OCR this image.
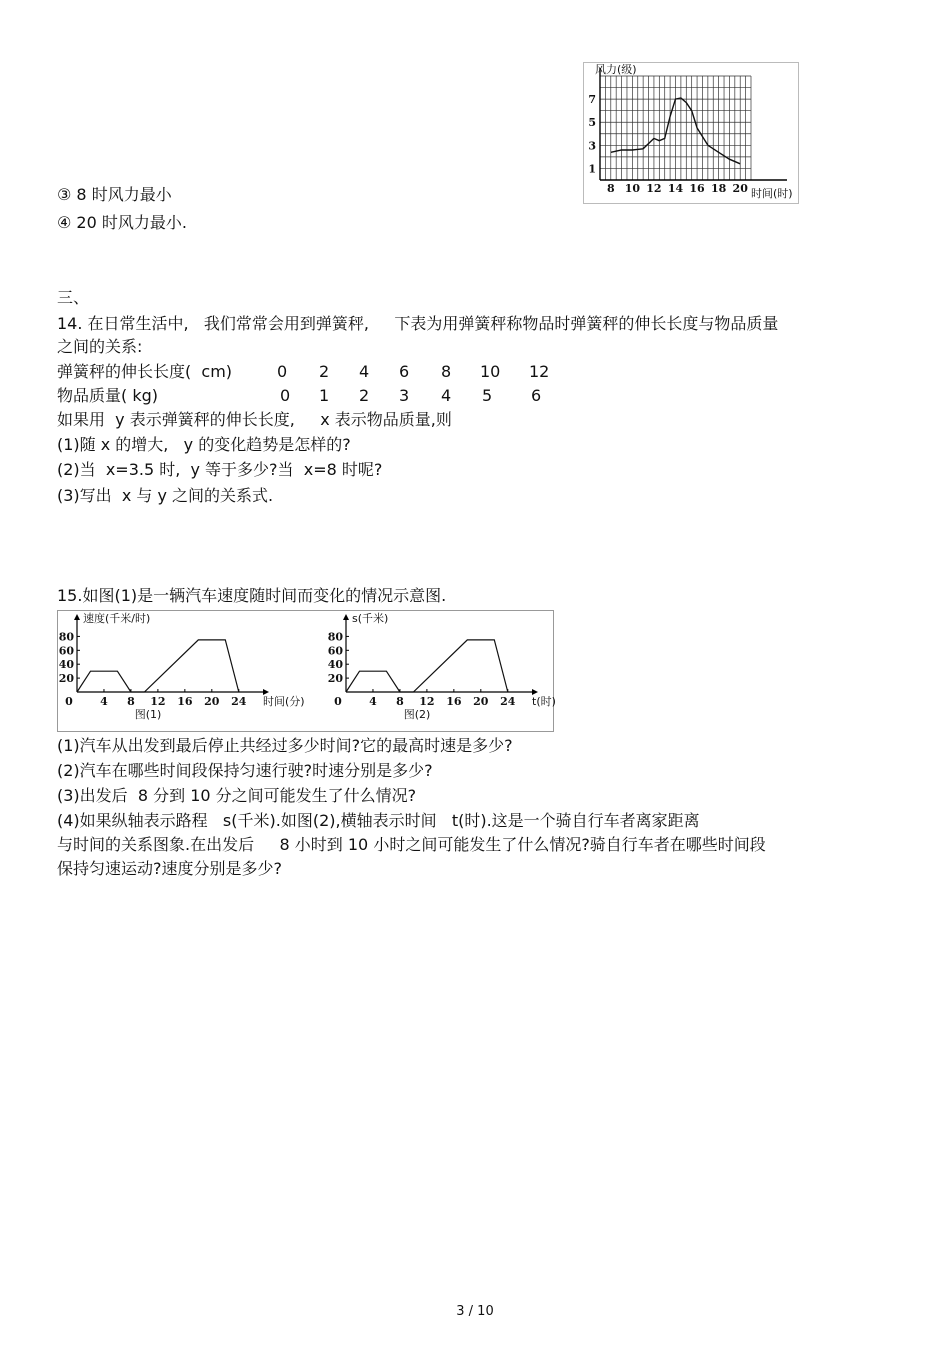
8 10 12 14 16 18 20
1
3
5
7
风力(级)
时间(时)
③ 8 时风力最小
④ 20 时风力最小.
三、
14. 在日常生活中,   我们常常会用到弹簧秤,     下表为用弹簧秤称物品时弹簧秤的伸长长度与物品质量
之间的关系:
弹簧秤的伸长长度(  cm)	0 2 4 6 8 10 12
物品质量( kg)	0 1 2 3 4 5 6
如果用  y 表示弹簧秤的伸长长度,     x 表示物品质量,则
(1)随 x 的增大,   y 的变化趋势是怎样的?
(2)当  x=3.5 时,  y 等于多少?当  x=8 时呢?
(3)写出  x 与 y 之间的关系式.
15.如图(1)是一辆汽车速度随时间而变化的情况示意图.
20
40
60
80
4 8 12 16 20 24
0
速度(千米/时)
时间(分)
图(1)
20
40
60
80
4 8 12 16 20 24
0
s(千米)
t(时)
图(2)
(1)汽车从出发到最后停止共经过多少时间?它的最高时速是多少?
(2)汽车在哪些时间段保持匀速行驶?时速分别是多少?
(3)出发后  8 分到 10 分之间可能发生了什么情况?
(4)如果纵轴表示路程   s(千米).如图(2),横轴表示时间   t(时).这是一个骑自行车者离家距离
与时间的关系图象.在出发后     8 小时到 10 小时之间可能发生了什么情况?骑自行车者在哪些时间段
保持匀速运动?速度分别是多少?
3 / 10
